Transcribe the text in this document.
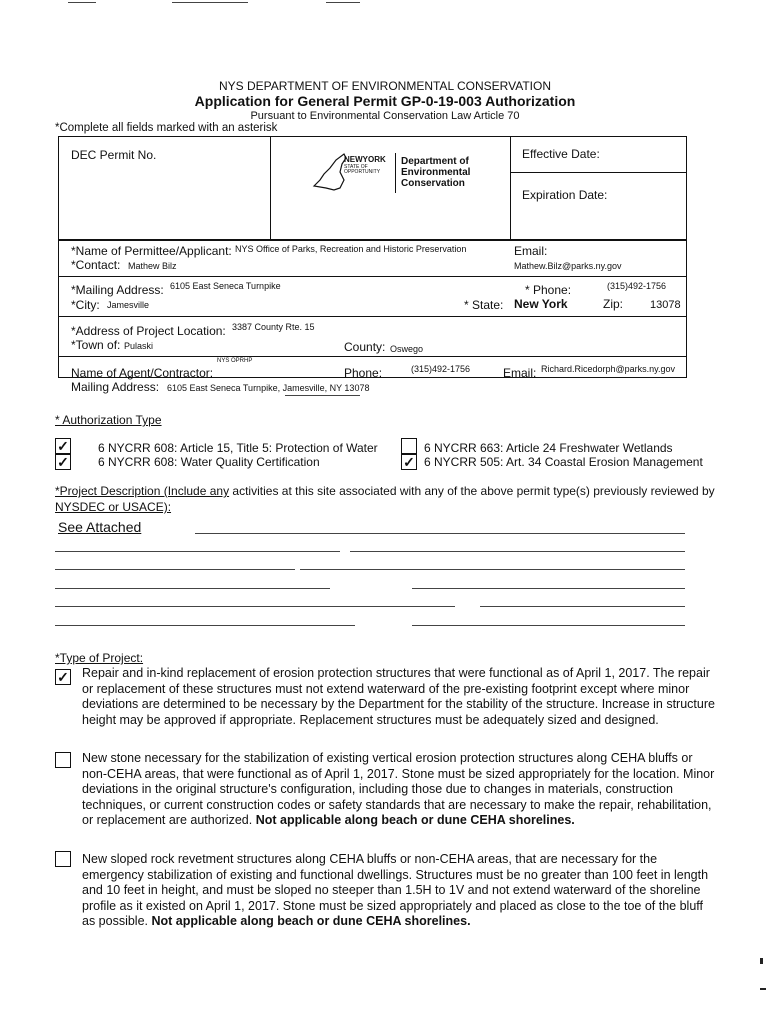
NYS DEPARTMENT OF ENVIRONMENTAL CONSERVATION
Application for General Permit GP-0-19-003 Authorization
Pursuant to Environmental Conservation Law Article 70
*Complete all fields marked with an asterisk
DEC Permit No.	Effective Date:
Expiration Date:
NEWYORK
STATE OF
OPPORTUNITY
Department of
Environmental
Conservation
*Name of Permittee/Applicant: NYS Office of Parks, Recreation and Historic Preservation	Email:
*Contact: Mathew Bilz	Mathew.Bilz@parks.ny.gov
*Mailing Address: 6105 East Seneca Turnpike	* Phone:	(315)492-1756
*City: Jamesville	* State: New York	Zip: 13078
*Address of Project Location: 3387 County Rte. 15
*Town of: Pulaski	County: Oswego
NYS OPRHP
Name of Agent/Contractor:	Phone:	(315)492-1756	Email: Richard.Ricedorph@parks.ny.gov
Mailing Address: 6105 East Seneca Turnpike, Jamesville, NY 13078
* Authorization Type
✓ 6 NYCRR 608: Article 15, Title 5: Protection of Water
✓ 6 NYCRR 608: Water Quality Certification
6 NYCRR 663: Article 24 Freshwater Wetlands
✓ 6 NYCRR 505: Art. 34 Coastal Erosion Management
*Project Description (Include any activities at this site associated with any of the above permit type(s) previously reviewed by
NYSDEC or USACE):
See Attached
*Type of Project:
✓ Repair and in-kind replacement of erosion protection structures that were functional as of April 1, 2017. The repair or replacement of these structures must not extend waterward of the pre-existing footprint except where minor deviations are determined to be necessary by the Department for the stability of the structure. Increase in structure height may be approved if appropriate. Replacement structures must be adequately sized and designed.
New stone necessary for the stabilization of existing vertical erosion protection structures along CEHA bluffs or non-CEHA areas, that were functional as of April 1, 2017. Stone must be sized appropriately for the location. Minor deviations in the original structure's configuration, including those due to changes in materials, construction techniques, or current construction codes or safety standards that are necessary to make the repair, rehabilitation, or replacement are authorized. Not applicable along beach or dune CEHA shorelines.
New sloped rock revetment structures along CEHA bluffs or non-CEHA areas, that are necessary for the emergency stabilization of existing and functional dwellings. Structures must be no greater than 100 feet in length and 10 feet in height, and must be sloped no steeper than 1.5H to 1V and not extend waterward of the shoreline profile as it existed on April 1, 2017. Stone must be sized appropriately and placed as close to the toe of the bluff as possible. Not applicable along beach or dune CEHA shorelines.
